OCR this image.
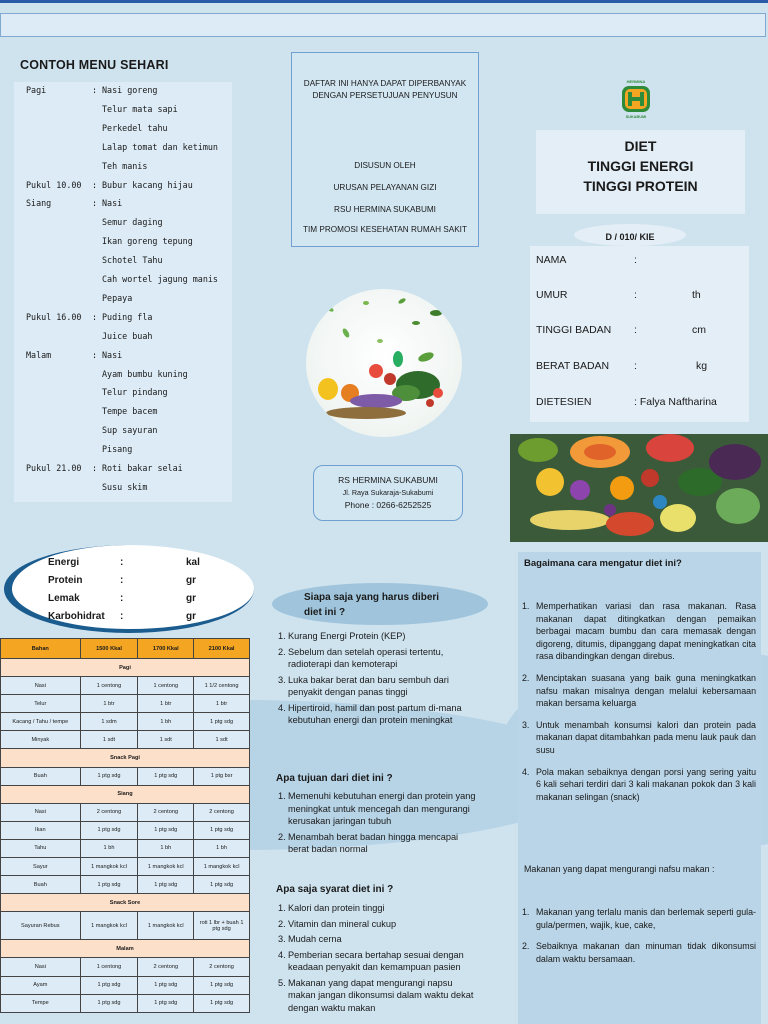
CONTOH MENU SEHARI
Pagi	: Nasi goreng
Telur mata sapi
Perkedel tahu
Lalap tomat dan ketimun
Teh manis
Pukul 10.00 : Bubur kacang hijau
Siang	: Nasi
Semur daging
Ikan goreng tepung
Schotel Tahu
Cah wortel jagung manis
Pepaya
Pukul 16.00 : Puding fla
Juice buah
Malam	: Nasi
Ayam bumbu kuning
Telur pindang
Tempe bacem
Sup sayuran
Pisang
Pukul 21.00 : Roti bakar selai
Susu skim
DAFTAR INI HANYA DAPAT DIPERBANYAK
DENGAN PERSETUJUAN PENYUSUN
DISUSUN OLEH
URUSAN PELAYANAN GIZI
RSU HERMINA SUKABUMI
TIM PROMOSI KESEHATAN RUMAH SAKIT
RS HERMINA SUKABUMI
Jl. Raya Sukaraja-Sukabumi
Phone : 0266-6252525
HERMINA
SUKABUMI
DIET
TINGGI ENERGI
TINGGI PROTEIN
D / 010/ KIE
NAMA	:
UMUR	:	th
TINGGI BADAN :	cm
BERAT BADAN :	kg
DIETESIEN	: Falya Naftharina
Energi	:	kal
Protein	:	gr
Lemak	:	gr
Karbohidrat :	gr
Bahan	1500 Kkal	1700 Kkal	2100 Kkal
Pagi			
Nasi	1 centong	1 centong	1 1/2 centong
Telur	1 btr	1 btr	1 btr
Kacang / Tahu / tempe	1 sdm	1 bh	1 ptg sdg
Minyak	1 sdt	1 sdt	1 sdt
Snack Pagi			
Buah	1 ptg sdg	1 ptg sdg	1 ptg bsr
Siang			
Nasi	2 centong	2 centong	2 centong
Ikan	1 ptg sdg	1 ptg sdg	1 ptg sdg
Tahu	1 bh	1 bh	1 bh
Sayur	1 mangkok kcl	1 mangkok kcl	1 mangkok kcl
Buah	1 ptg sdg	1 ptg sdg	1 ptg sdg
Snack Sore			
Sayuran Rebus	1 mangkok kcl	1 mangkok kcl	roti 1 lbr + buah 1 ptg sdg
Malam			
Nasi	1 centong	2 centong	2 centong
Ayam	1 ptg sdg	1 ptg sdg	1 ptg sdg
Tempe	1 ptg sdg	1 ptg sdg	1 ptg sdg
Siapa saja yang harus diberi
diet ini ?
1. Kurang Energi Protein (KEP)
2. Sebelum dan setelah operasi tertentu, radioterapi dan kemoterapi
3. Luka bakar berat dan baru sembuh dari penyakit dengan panas tinggi
4. Hipertiroid, hamil dan post partum di-mana kebutuhan energi dan protein meningkat
Apa tujuan dari diet ini ?
1. Memenuhi kebutuhan energi dan protein yang meningkat untuk mencegah dan mengurangi kerusakan jaringan tubuh
2. Menambah berat badan hingga mencapai berat badan normal
Apa saja syarat diet ini ?
1. Kalori dan protein tinggi
2. Vitamin dan mineral cukup
3. Mudah cerna
4. Pemberian secara bertahap sesuai dengan keadaan penyakit dan kemampuan pasien
5. Makanan yang dapat mengurangi napsu makan jangan dikonsumsi dalam waktu dekat dengan waktu makan
Bagaimana cara mengatur diet ini?
1. Memperhatikan variasi dan rasa makanan. Rasa makanan dapat ditingkatkan dengan pemaikan berbagai macam bumbu dan cara memasak dengan digoreng, ditumis, dipanggang dapat meningkatkan cita rasa dibandingkan dengan direbus.
2. Menciptakan suasana yang baik guna meningkatkan nafsu makan misalnya dengan melalui kebersamaan makan bersama keluarga
3. Untuk menambah konsumsi kalori dan protein pada makanan dapat ditambahkan pada menu lauk pauk dan susu
4. Pola makan sebaiknya dengan porsi yang sering yaitu 6 kali sehari terdiri dari 3 kali makanan pokok dan 3 kali makanan selingan (snack)
Makanan yang dapat mengurangi nafsu makan :
1. Makanan yang terlalu manis dan berlemak seperti gula-gula/permen, wajik, kue, cake,
2. Sebaiknya makanan dan minuman tidak dikonsumsi dalam waktu bersamaan.
